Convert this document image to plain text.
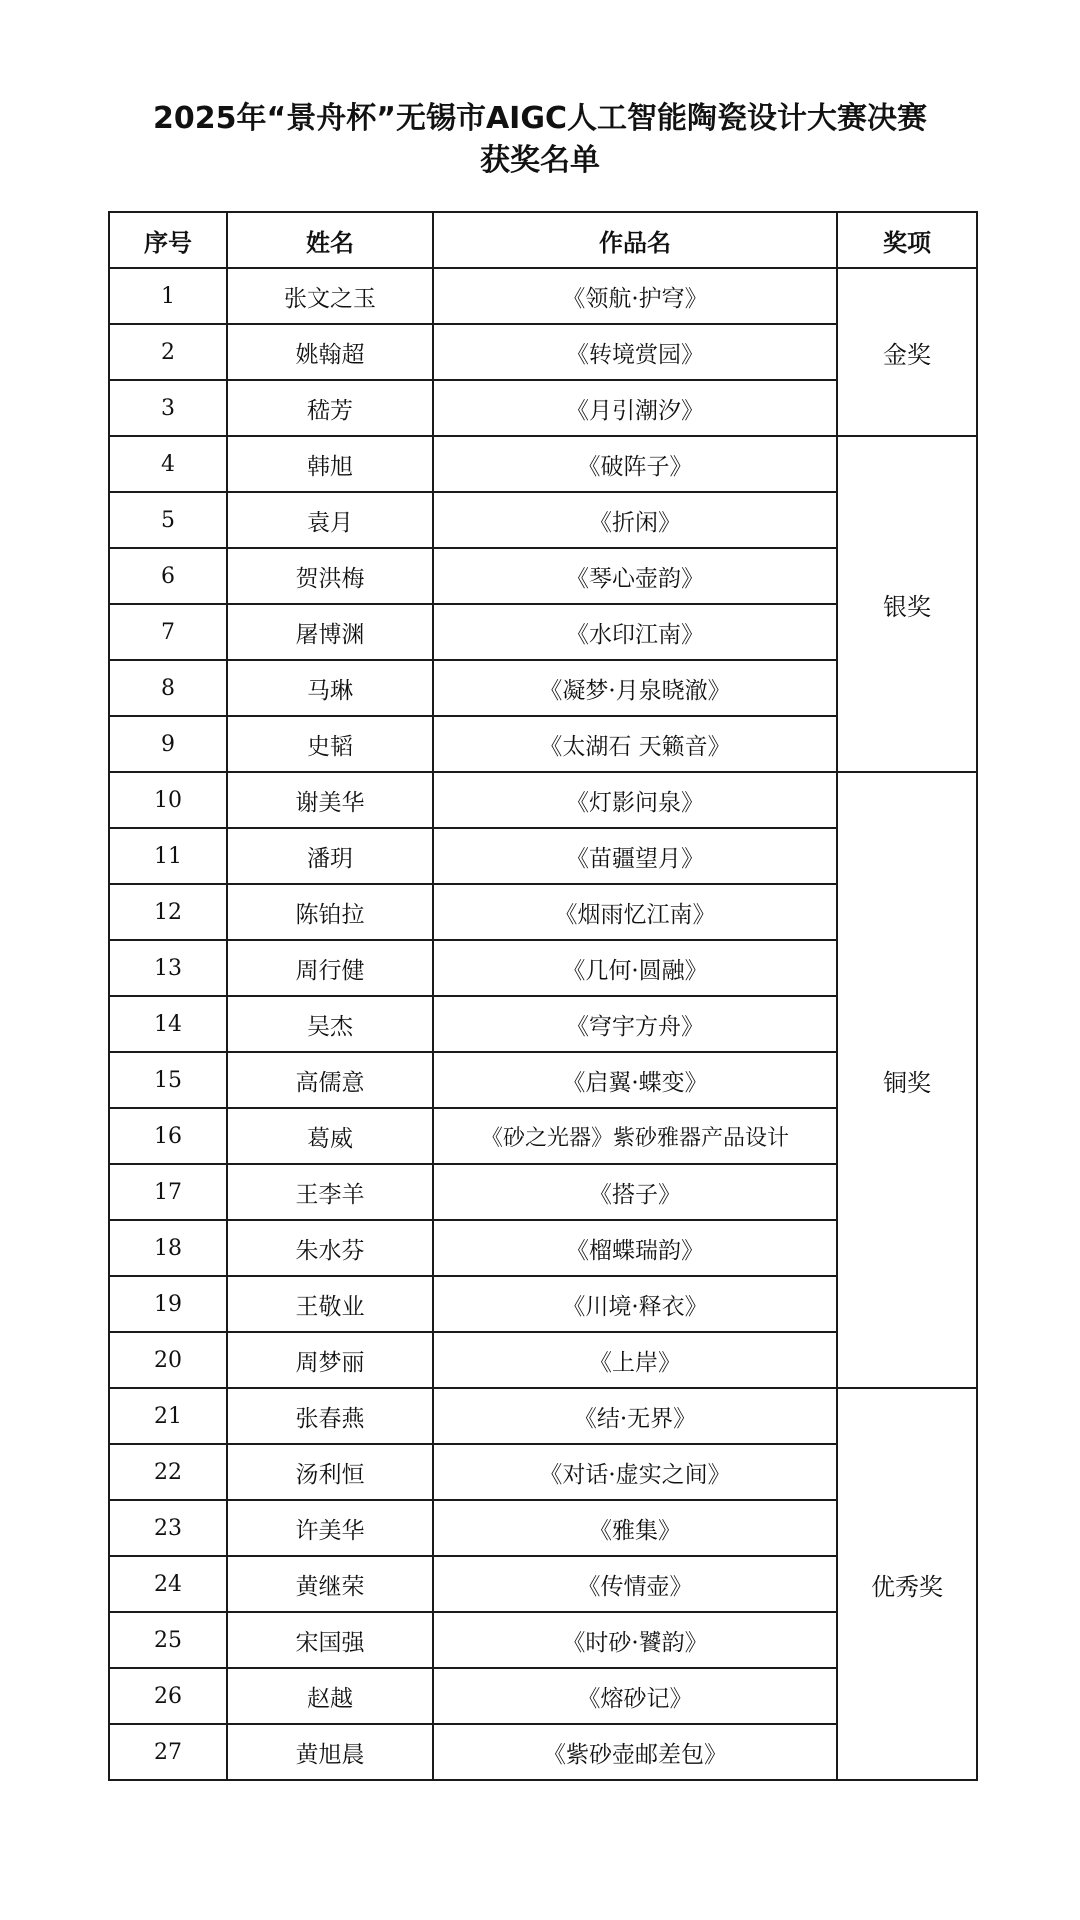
2025年“景舟杯”无锡市AIGC人工智能陶瓷设计大赛决赛
获奖名单
序号	姓名	作品名	奖项
1	张文之玉	《领航·护穹》	金奖
2	姚翰超	《转境赏园》	
3	嵇芳	《月引潮汐》	
4	韩旭	《破阵子》	银奖
5	袁月	《折闲》	
6	贺洪梅	《琴心壶韵》	
7	屠博渊	《水印江南》	
8	马琳	《凝梦·月泉晓澈》	
9	史韬	《太湖石 天籁音》	
10	谢美华	《灯影问泉》	铜奖
11	潘玥	《苗疆望月》	
12	陈铂拉	《烟雨忆江南》	
13	周行健	《几何·圆融》	
14	吴杰	《穹宇方舟》	
15	高儒意	《启翼·蝶变》	
16	葛威	《砂之光器》紫砂雅器产品设计	
17	王李羊	《搭子》	
18	朱水芬	《榴蝶瑞韵》	
19	王敬业	《川境·释衣》	
20	周梦丽	《上岸》	
21	张春燕	《结·无界》	优秀奖
22	汤利恒	《对话·虚实之间》	
23	许美华	《雅集》	
24	黄继荣	《传情壶》	
25	宋国强	《时砂·饕韵》	
26	赵越	《熔砂记》	
27	黄旭晨	《紫砂壶邮差包》	
